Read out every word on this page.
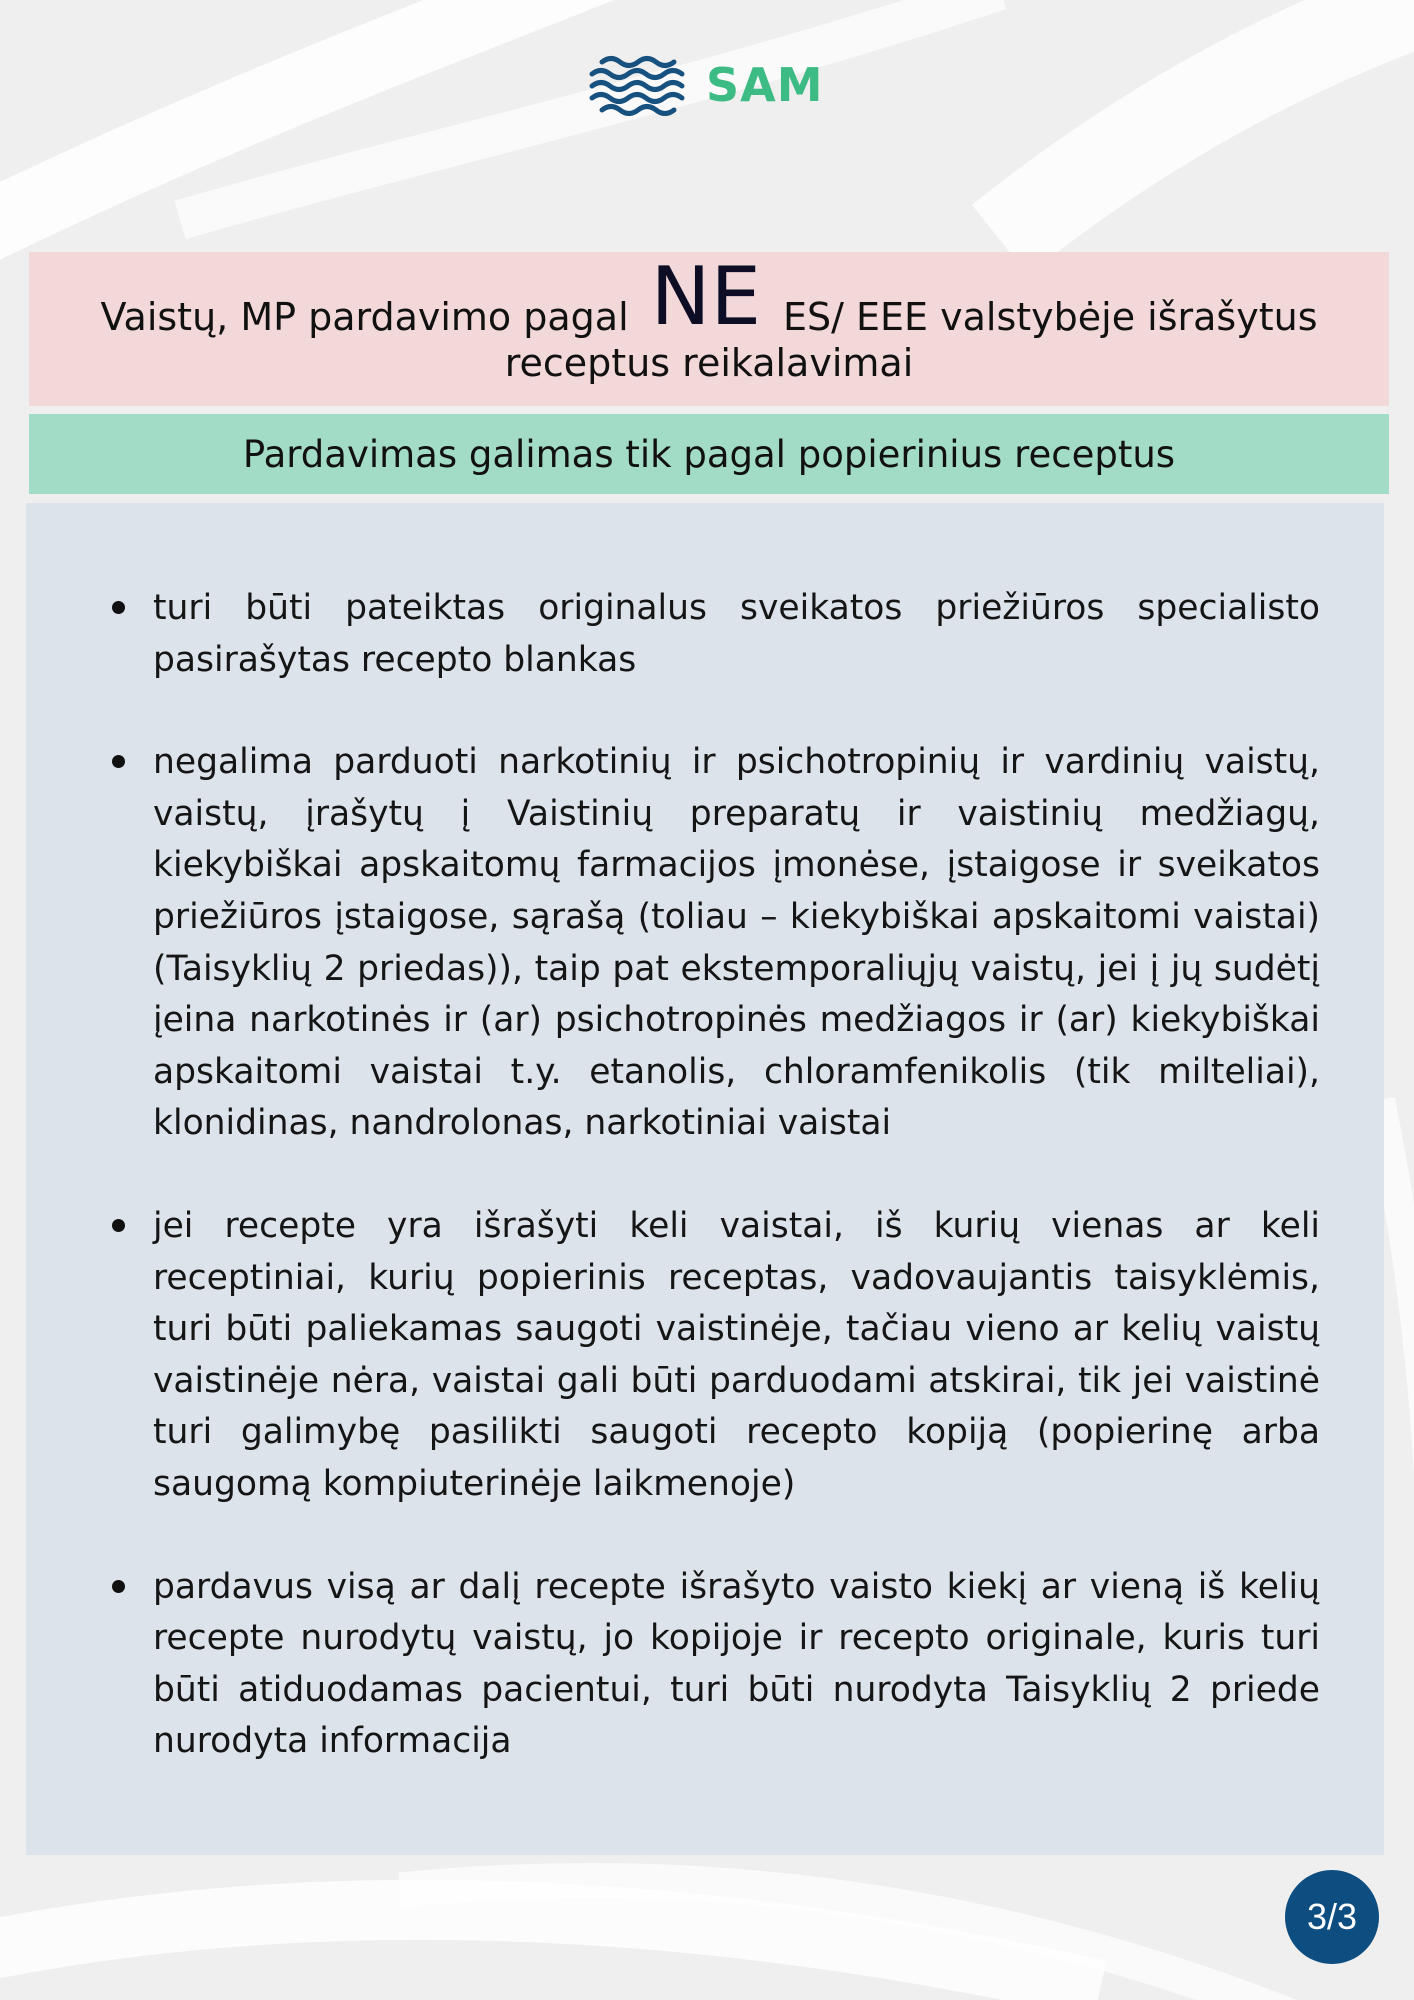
SAM
Vaistų, MP pardavimo pagal NE ES/ EEE valstybėje išrašytus
receptus reikalavimai
Pardavimas galimas tik pagal popierinius receptus
turi būti pateiktas originalus sveikatos priežiūros specialisto pasirašytas recepto blankas
negalima parduoti narkotinių ir psichotropinių ir vardinių vaistų, vaistų, įrašytų į Vaistinių preparatų ir vaistinių medžiagų, kiekybiškai apskaitomų farmacijos įmonėse, įstaigose ir sveikatos priežiūros įstaigose, sąrašą (toliau – kiekybiškai apskaitomi vaistai) (Taisyklių 2 priedas)), taip pat ekstemporaliųjų vaistų, jei į jų sudėtį įeina narkotinės ir (ar) psichotropinės medžiagos ir (ar) kiekybiškai apskaitomi vaistai t.y. etanolis, chloramfenikolis (tik milteliai), klonidinas, nandrolonas, narkotiniai vaistai
jei recepte yra išrašyti keli vaistai, iš kurių vienas ar keli receptiniai, kurių popierinis receptas, vadovaujantis taisyklėmis, turi būti paliekamas saugoti vaistinėje, tačiau vieno ar kelių vaistų vaistinėje nėra, vaistai gali būti parduodami atskirai, tik jei vaistinė turi galimybę pasilikti saugoti recepto kopiją (popierinę arba saugomą kompiuterinėje laikmenoje)
pardavus visą ar dalį recepte išrašyto vaisto kiekį ar vieną iš kelių recepte nurodytų vaistų, jo kopijoje ir recepto originale, kuris turi būti atiduodamas pacientui, turi būti nurodyta Taisyklių 2 priede nurodyta informacija
3/3
